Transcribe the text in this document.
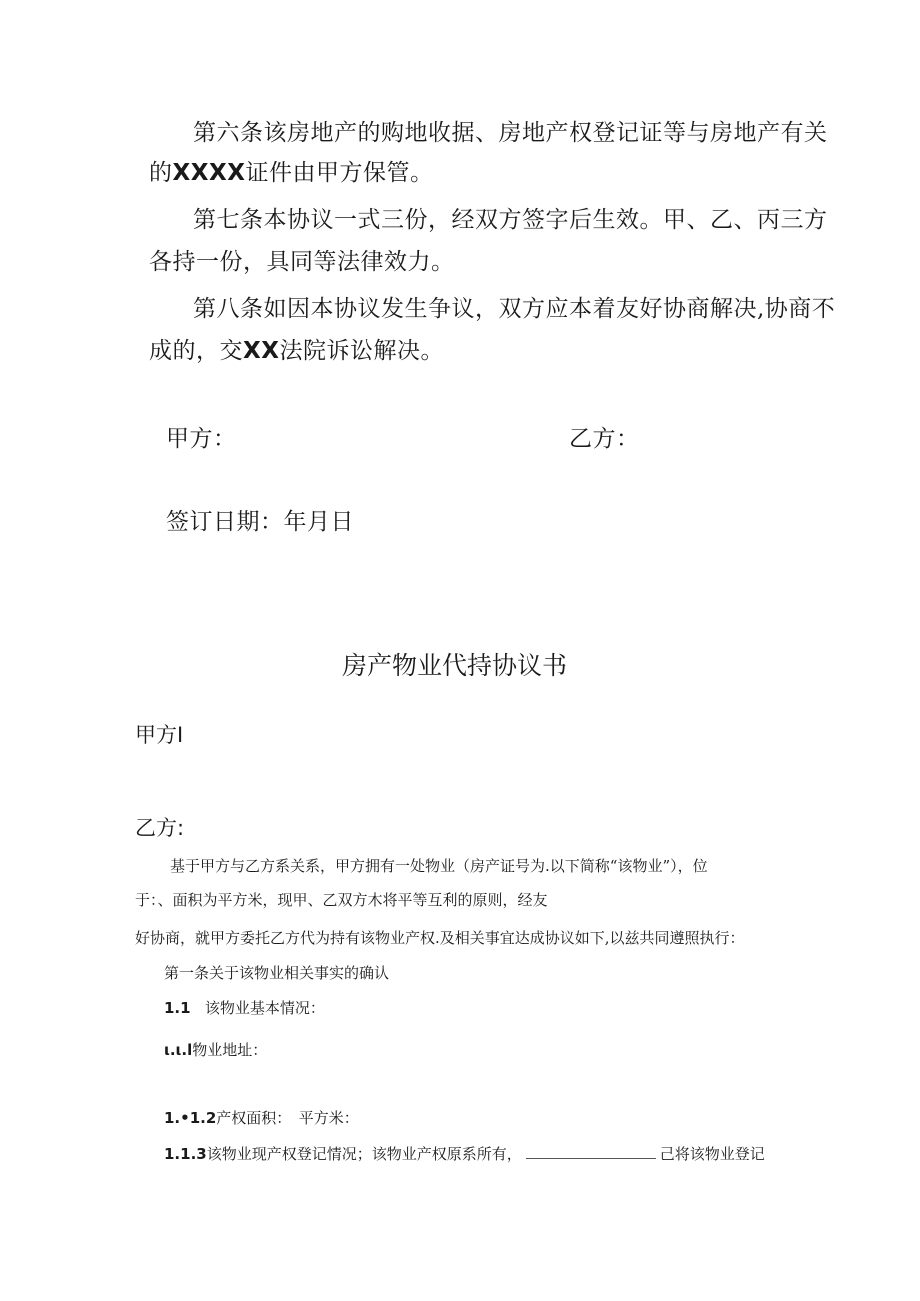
第六条该房地产的购地收据、房地产权登记证等与房地产有关
的XXXX证件由甲方保管。
第七条本协议一式三份，经双方签字后生效。甲、乙、丙三方
各持一份，具同等法律效力。
第八条如因本协议发生争议，双方应本着友好协商解决,协商不
成的，交XX法院诉讼解决。
甲方：	乙方：
签订日期：年月日
房产物业代持协议书
甲方I
乙方:
基于甲方与乙方系关系，甲方拥有一处物业（房产证号为.以下简称“该物业”），位
于：、面积为平方米，现甲、乙双方木将平等互利的原则，经友
好协商，就甲方委托乙方代为持有该物业产权.及相关事宜达成协议如下,以兹共同遵照执行：
第一条关于该物业相关事实的确认
1.1 该物业基本情况：
ι.ι.l物业地址：
1.•1.2产权面积：　平方米：
1.1.3该物业现产权登记情况；该物业产权原系所有，	己将该物业登记
